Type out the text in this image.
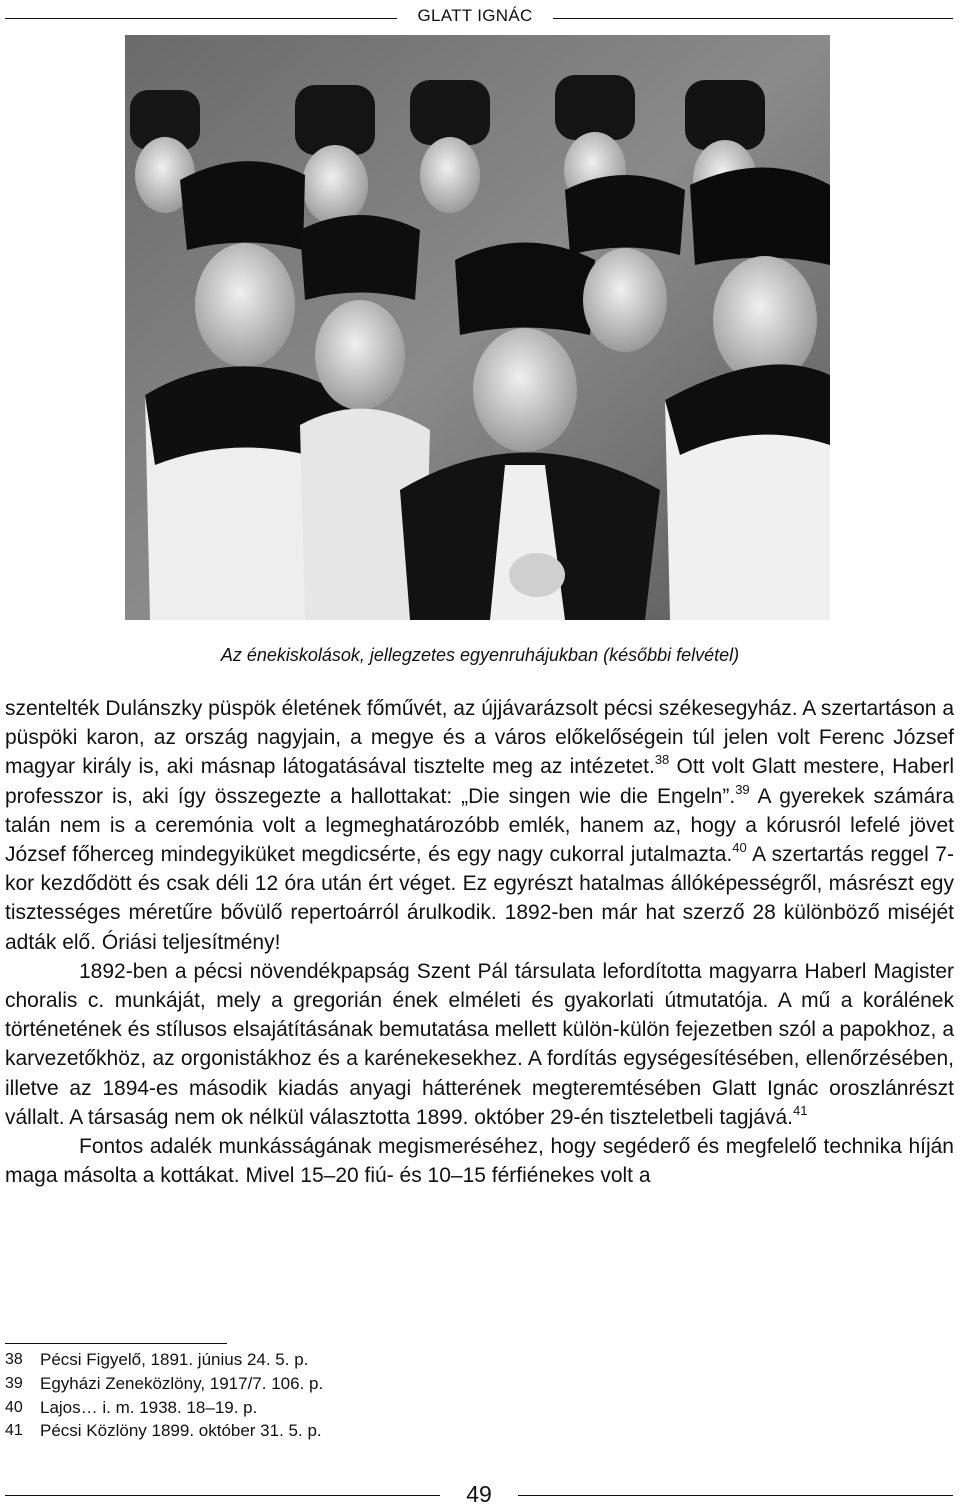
GLATT IGNÁC
Az énekiskolások, jellegzetes egyenruhájukban (későbbi felvétel)

szentelték Dulánszky püspök életének főművét, az újjávarázsolt pécsi székesegyház. A szertartáson a püspöki karon, az ország nagyjain, a megye és a város előkelőségein túl jelen volt Ferenc József magyar király is, aki másnap látogatásával tisztelte meg az intézetet.$^{38}$ Ott volt Glatt mestere, Haberl professzor is, aki így összegezte a hallottakat: „Die singen wie die Engeln”.$^{39}$ A gyerekek számára talán nem is a ceremónia volt a legmeghatározóbb emlék, hanem az, hogy a kórusról lefelé jövet József főherceg mindegyiküket megdicsérte, és egy nagy cukorral jutalmazta.$^{40}$ A szertartás reggel 7-kor kezdődött és csak déli 12 óra után ért véget. Ez egyrészt hatalmas állóképességről, másrészt egy tisztességes méretűre bővülő repertoárról árulkodik. 1892-ben már hat szerző 28 különböző miséjét adták elő. Óriási teljesítmény!

1892-ben a pécsi növendékpapság Szent Pál társulata lefordította magyarra Haberl Magister choralis c. munkáját, mely a gregorián ének elméleti és gyakorlati útmutatója. A mű a korálének történetének és stílusos elsajátításának bemutatása mellett külön-külön fejezetben szól a papokhoz, a karvezetőkhöz, az orgonistákhoz és a karénekesekhez. A fordítás egységesítésében, ellenőrzésében, illetve az 1894-es második kiadás anyagi hátterének megteremtésében Glatt Ignác oroszlánrészt vállalt. A társaság nem ok nélkül választotta 1899. október 29-én tiszteletbeli tagjává.$^{41}$

Fontos adalék munkásságának megismeréséhez, hogy segéderő és megfelelő technika híján maga másolta a kottákat. Mivel 15–20 fiú- és 10–15 férfiénekes volt a

38	Pécsi Figyelő, 1891. június 24. 5. p.
39	Egyházi Zeneközlöny, 1917/7. 106. p.
40	Lajos… i. m. 1938. 18–19. p.
41	Pécsi Közlöny 1899. október 31. 5. p.
49
